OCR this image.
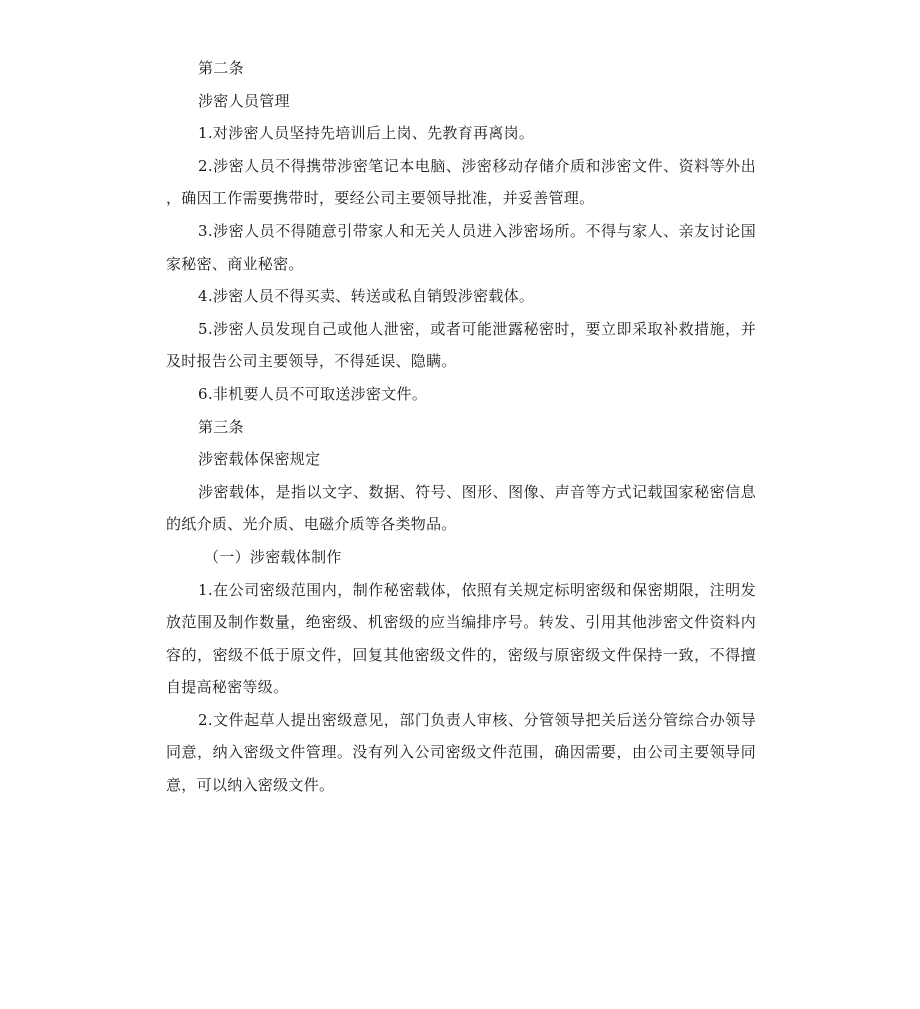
第二条

涉密人员管理

1.对涉密人员坚持先培训后上岗、先教育再离岗。

2.涉密人员不得携带涉密笔记本电脑、涉密移动存储介质和涉密文件、资料等外出 ，确因工作需要携带时，要经公司主要领导批准，并妥善管理。

3.涉密人员不得随意引带家人和无关人员进入涉密场所。不得与家人、亲友讨论国家秘密、商业秘密。

4.涉密人员不得买卖、转送或私自销毁涉密载体。

5.涉密人员发现自己或他人泄密，或者可能泄露秘密时，要立即采取补救措施，并及时报告公司主要领导，不得延误、隐瞒。

6.非机要人员不可取送涉密文件。

第三条

涉密载体保密规定

涉密载体，是指以文字、数据、符号、图形、图像、声音等方式记载国家秘密信息的纸介质、光介质、电磁介质等各类物品。

（一）涉密载体制作

1.在公司密级范围内，制作秘密载体，依照有关规定标明密级和保密期限，注明发放范围及制作数量，绝密级、机密级的应当编排序号。转发、引用其他涉密文件资料内容的，密级不低于原文件，回复其他密级文件的，密级与原密级文件保持一致，不得擅自提高秘密等级。

2.文件起草人提出密级意见，部门负责人审核、分管领导把关后送分管综合办领导同意，纳入密级文件管理。没有列入公司密级文件范围，确因需要，由公司主要领导同意，可以纳入密级文件。
